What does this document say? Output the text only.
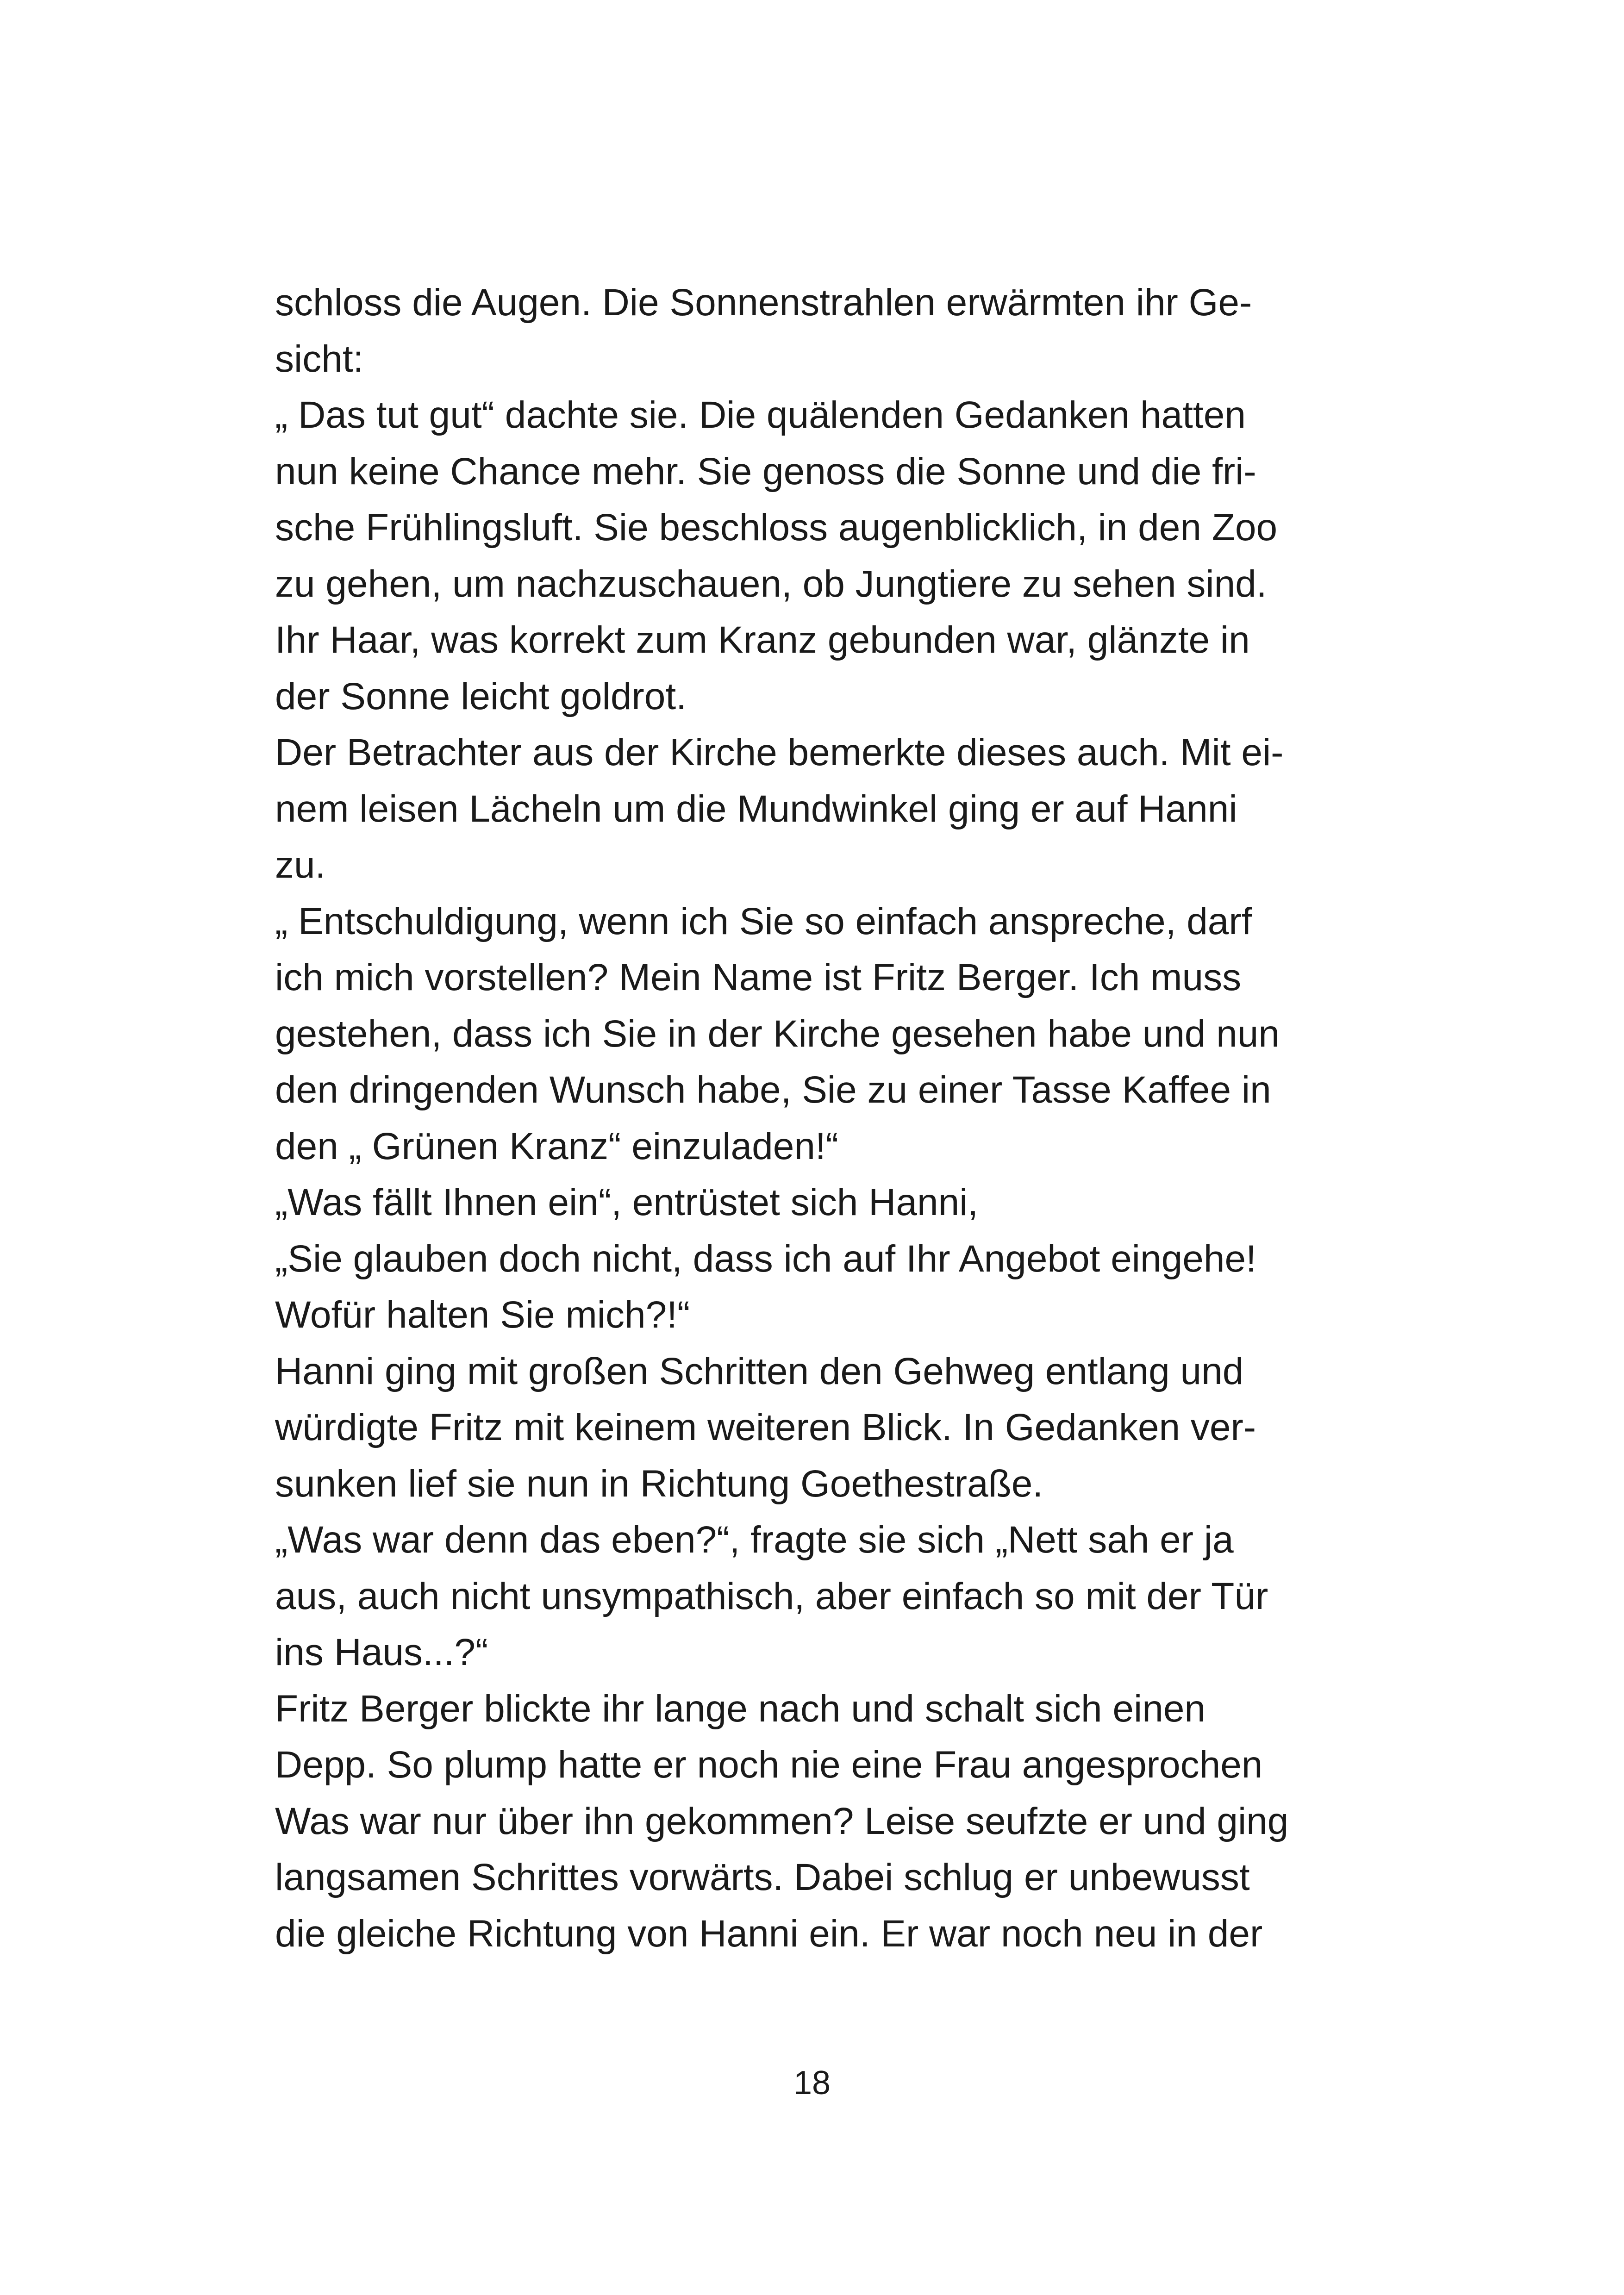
schloss die Augen. Die Sonnenstrahlen erwärmten ihr Ge-
sicht:
„ Das tut gut“ dachte sie. Die quälenden Gedanken hatten
nun keine Chance mehr. Sie genoss die Sonne und die fri-
sche Frühlingsluft. Sie beschloss augenblicklich, in den Zoo
zu gehen, um nachzuschauen, ob Jungtiere zu sehen sind.
Ihr Haar, was korrekt zum Kranz gebunden war, glänzte in
der Sonne leicht goldrot.
Der Betrachter aus der Kirche bemerkte dieses auch. Mit ei-
nem leisen Lächeln um die Mundwinkel ging er auf Hanni
zu.
„ Entschuldigung, wenn ich Sie so einfach anspreche, darf
ich mich vorstellen? Mein Name ist Fritz Berger. Ich muss
gestehen, dass ich Sie in der Kirche gesehen habe und nun
den dringenden Wunsch habe, Sie zu einer Tasse Kaffee in
den „ Grünen Kranz“ einzuladen!“
„Was fällt Ihnen ein“, entrüstet sich Hanni,
„Sie glauben doch nicht, dass ich auf Ihr Angebot eingehe!
Wofür halten Sie mich?!“
Hanni ging mit großen Schritten den Gehweg entlang und
würdigte Fritz mit keinem weiteren Blick. In Gedanken ver-
sunken lief sie nun in Richtung Goethestraße.
„Was war denn das eben?“, fragte sie sich „Nett sah er ja
aus, auch nicht unsympathisch, aber einfach so mit der Tür
ins Haus...?“
Fritz Berger blickte ihr lange nach und schalt sich einen
Depp. So plump hatte er noch nie eine Frau angesprochen
Was war nur über ihn gekommen? Leise seufzte er und ging
langsamen Schrittes vorwärts. Dabei schlug er unbewusst
die gleiche Richtung von Hanni ein. Er war noch neu in der
18
